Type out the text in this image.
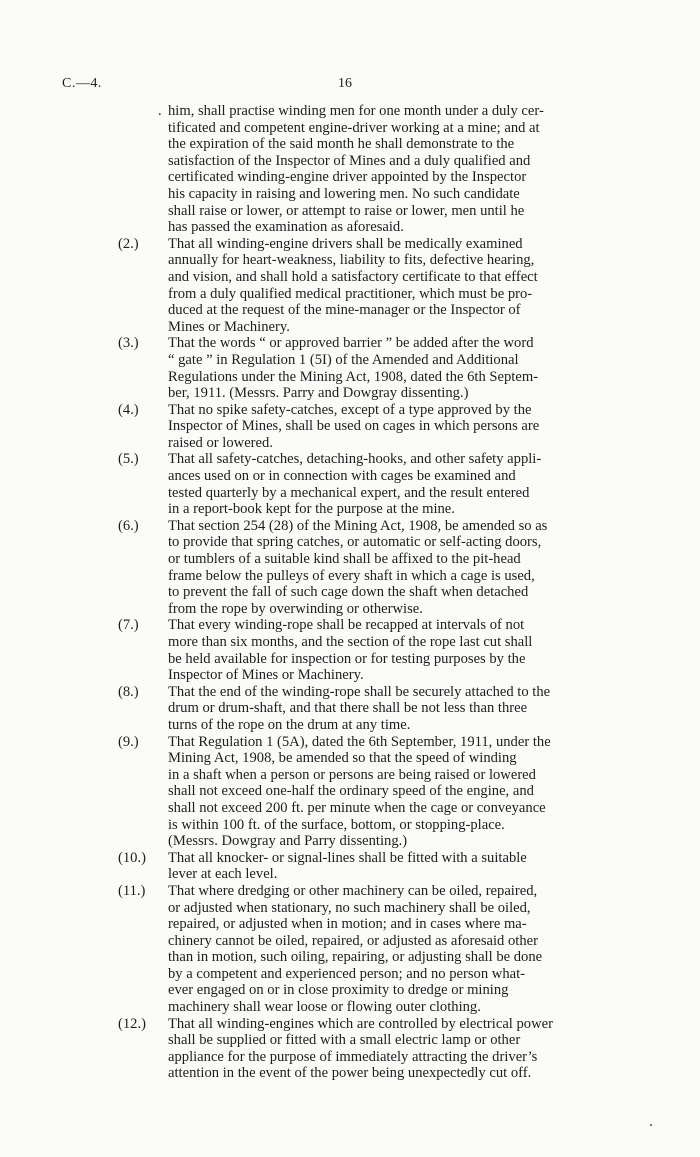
C.—4.	16
. him, shall practise winding men for one month under a duly cer-
tificated and competent engine-driver working at a mine; and at
the expiration of the said month he shall demonstrate to the
satisfaction of the Inspector of Mines and a duly qualified and
certificated winding-engine driver appointed by the Inspector
his capacity in raising and lowering men. No such candidate
shall raise or lower, or attempt to raise or lower, men until he
has passed the examination as aforesaid.
(2.)	That all winding-engine drivers shall be medically examined
annually for heart-weakness, liability to fits, defective hearing,
and vision, and shall hold a satisfactory certificate to that effect
from a duly qualified medical practitioner, which must be pro-
duced at the request of the mine-manager or the Inspector of
Mines or Machinery.
(3.)	That the words “ or approved barrier ” be added after the word
“ gate ” in Regulation 1 (5I) of the Amended and Additional
Regulations under the Mining Act, 1908, dated the 6th Septem-
ber, 1911. (Messrs. Parry and Dowgray dissenting.)
(4.)	That no spike safety-catches, except of a type approved by the
Inspector of Mines, shall be used on cages in which persons are
raised or lowered.
(5.)	That all safety-catches, detaching-hooks, and other safety appli-
ances used on or in connection with cages be examined and
tested quarterly by a mechanical expert, and the result entered
in a report-book kept for the purpose at the mine.
(6.)	That section 254 (28) of the Mining Act, 1908, be amended so as
to provide that spring catches, or automatic or self-acting doors,
or tumblers of a suitable kind shall be affixed to the pit-head
frame below the pulleys of every shaft in which a cage is used,
to prevent the fall of such cage down the shaft when detached
from the rope by overwinding or otherwise.
(7.)	That every winding-rope shall be recapped at intervals of not
more than six months, and the section of the rope last cut shall
be held available for inspection or for testing purposes by the
Inspector of Mines or Machinery.
(8.)	That the end of the winding-rope shall be securely attached to the
drum or drum-shaft, and that there shall be not less than three
turns of the rope on the drum at any time.
(9.)	That Regulation 1 (5A), dated the 6th September, 1911, under the
Mining Act, 1908, be amended so that the speed of winding
in a shaft when a person or persons are being raised or lowered
shall not exceed one-half the ordinary speed of the engine, and
shall not exceed 200 ft. per minute when the cage or conveyance
is within 100 ft. of the surface, bottom, or stopping-place.
(Messrs. Dowgray and Parry dissenting.)
(10.)	That all knocker- or signal-lines shall be fitted with a suitable
lever at each level.
(11.)	That where dredging or other machinery can be oiled, repaired,
or adjusted when stationary, no such machinery shall be oiled,
repaired, or adjusted when in motion; and in cases where ma-
chinery cannot be oiled, repaired, or adjusted as aforesaid other
than in motion, such oiling, repairing, or adjusting shall be done
by a competent and experienced person; and no person what-
ever engaged on or in close proximity to dredge or mining
machinery shall wear loose or flowing outer clothing.
(12.)	That all winding-engines which are controlled by electrical power
shall be supplied or fitted with a small electric lamp or other
appliance for the purpose of immediately attracting the driver’s
attention in the event of the power being unexpectedly cut off.
